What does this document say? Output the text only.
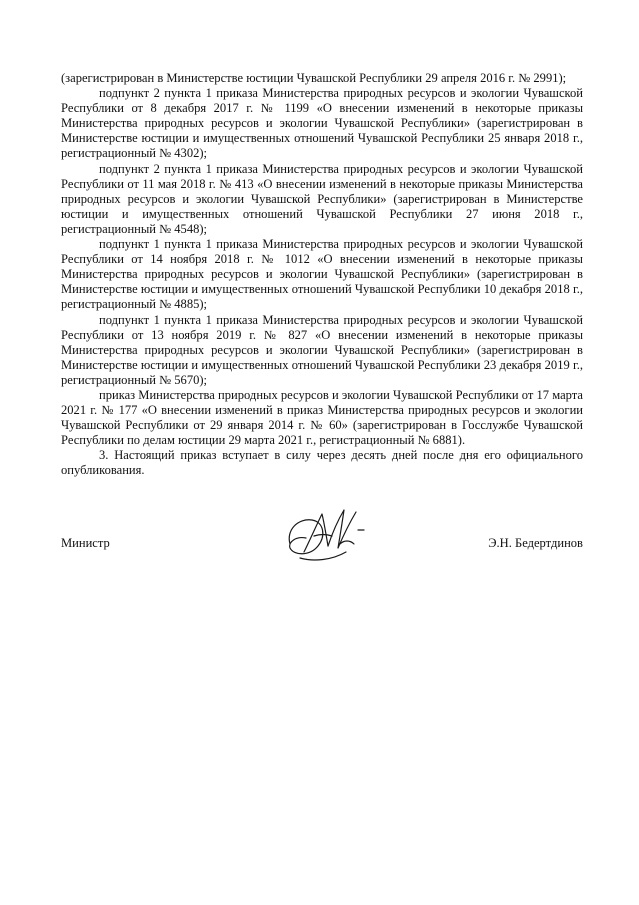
(зарегистрирован в Министерстве юстиции Чувашской Республики 29 апреля 2016 г. № 2991);

подпункт 2 пункта 1 приказа Министерства природных ресурсов и экологии Чувашской Республики от 8 декабря 2017 г. № 1199 «О внесении изменений в некоторые приказы Министерства природных ресурсов и экологии Чувашской Республики» (зарегистрирован в Министерстве юстиции и имущественных отношений Чувашской Республики 25 января 2018 г., регистрационный № 4302);

подпункт 2 пункта 1 приказа Министерства природных ресурсов и экологии Чувашской Республики от 11 мая 2018 г. № 413 «О внесении изменений в некоторые приказы Министерства природных ресурсов и экологии Чувашской Республики» (зарегистрирован в Министерстве юстиции и имущественных отношений Чувашской Республики 27 июня 2018 г., регистрационный № 4548);

подпункт 1 пункта 1 приказа Министерства природных ресурсов и экологии Чувашской Республики от 14 ноября 2018 г. № 1012 «О внесении изменений в некоторые приказы Министерства природных ресурсов и экологии Чувашской Республики» (зарегистрирован в Министерстве юстиции и имущественных отношений Чувашской Республики 10 декабря 2018 г., регистрационный № 4885);

подпункт 1 пункта 1 приказа Министерства природных ресурсов и экологии Чувашской Республики от 13 ноября 2019 г. № 827 «О внесении изменений в некоторые приказы Министерства природных ресурсов и экологии Чувашской Республики» (зарегистрирован в Министерстве юстиции и имущественных отношений Чувашской Республики 23 декабря 2019 г., регистрационный № 5670);

приказ Министерства природных ресурсов и экологии Чувашской Республики от 17 марта 2021 г. № 177 «О внесении изменений в приказ Министерства природных ресурсов и экологии Чувашской Республики от 29 января 2014 г. № 60» (зарегистрирован в Госслужбе Чувашской Республики по делам юстиции 29 марта 2021 г., регистрационный № 6881).

3. Настоящий приказ вступает в силу через десять дней после дня его официального опубликования.

Министр	Э.Н. Бедертдинов
